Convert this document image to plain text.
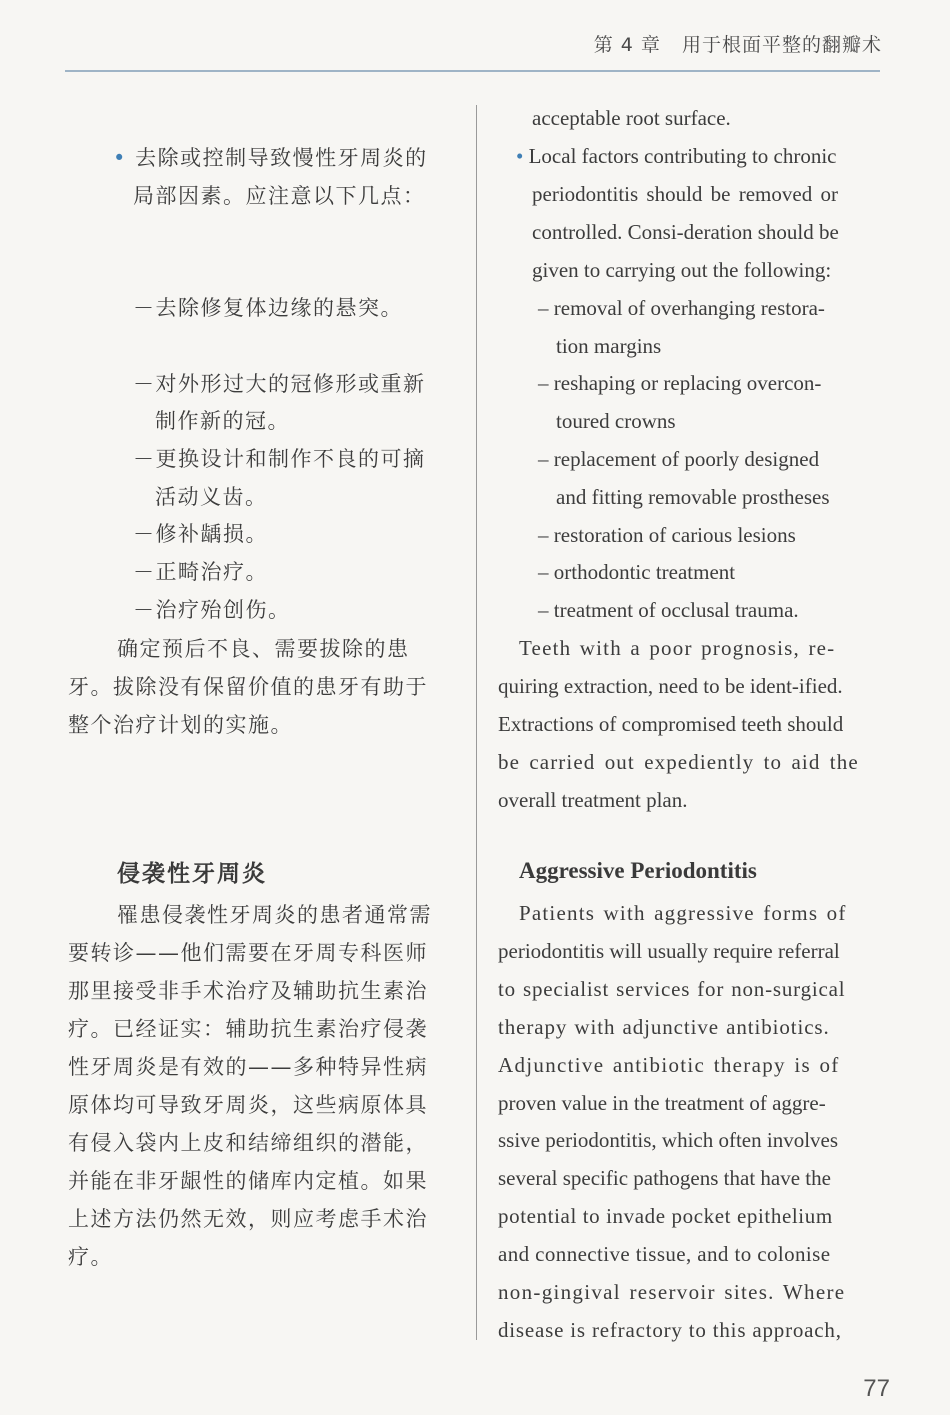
第 4 章 用于根面平整的翻瓣术
• 去除或控制导致慢性牙周炎的
局部因素。应注意以下几点：
－去除修复体边缘的悬突。
－对外形过大的冠修形或重新
制作新的冠。
－更换设计和制作不良的可摘
活动义齿。
－修补龋损。
－正畸治疗。
－治疗殆创伤。
确定预后不良、需要拔除的患
牙。拔除没有保留价值的患牙有助于
整个治疗计划的实施。
侵袭性牙周炎
罹患侵袭性牙周炎的患者通常需
要转诊——他们需要在牙周专科医师
那里接受非手术治疗及辅助抗生素治
疗。已经证实：辅助抗生素治疗侵袭
性牙周炎是有效的——多种特异性病
原体均可导致牙周炎，这些病原体具
有侵入袋内上皮和结缔组织的潜能，
并能在非牙龈性的储库内定植。如果
上述方法仍然无效，则应考虑手术治
疗。
acceptable root surface.
• Local factors contributing to chronic
periodontitis should be removed or
controlled. Consi-deration should be
given to carrying out the following:
– removal of overhanging restora-
tion margins
– reshaping or replacing overcon-
toured crowns
– replacement of poorly designed
and fitting removable prostheses
– restoration of carious lesions
– orthodontic treatment
– treatment of occlusal trauma.
Teeth with a poor prognosis, re-
quiring extraction, need to be ident-ified.
Extractions of compromised teeth should
be carried out expediently to aid the
overall treatment plan.
Aggressive Periodontitis
Patients with aggressive forms of
periodontitis will usually require referral
to specialist services for non-surgical
therapy with adjunctive antibiotics.
Adjunctive antibiotic therapy is of
proven value in the treatment of aggre-
ssive periodontitis, which often involves
several specific pathogens that have the
potential to invade pocket epithelium
and connective tissue, and to colonise
non-gingival reservoir sites. Where
disease is refractory to this approach,
77
